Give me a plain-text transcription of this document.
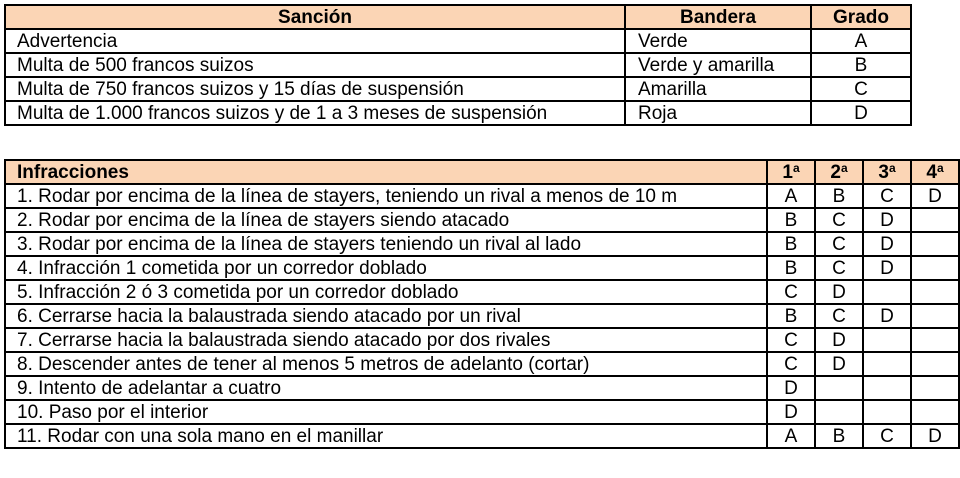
Sanción	Bandera	Grado
Advertencia	Verde	A
Multa de 500 francos suizos	Verde y amarilla	B
Multa de 750 francos suizos y 15 días de suspensión	Amarilla	C
Multa de 1.000 francos suizos y de 1 a 3 meses de suspensión	Roja	D
Infracciones	1$^a$	2$^a$	3$^a$	4$^a$
1. Rodar por encima de la línea de stayers, teniendo un rival a menos de 10 m	A	B	C	D
2. Rodar por encima de la línea de stayers siendo atacado	B	C	D	
3. Rodar por encima de la línea de stayers teniendo un rival al lado	B	C	D	
4. Infracción 1 cometida por un corredor doblado	B	C	D	
5. Infracción 2 ó 3 cometida por un corredor doblado	C	D		
6. Cerrarse hacia la balaustrada siendo atacado por un rival	B	C	D	
7. Cerrarse hacia la balaustrada siendo atacado por dos rivales	C	D		
8. Descender antes de tener al menos 5 metros de adelanto (cortar)	C	D		
9. Intento de adelantar a cuatro	D			
10. Paso por el interior	D			
11. Rodar con una sola mano en el manillar	A	B	C	D
